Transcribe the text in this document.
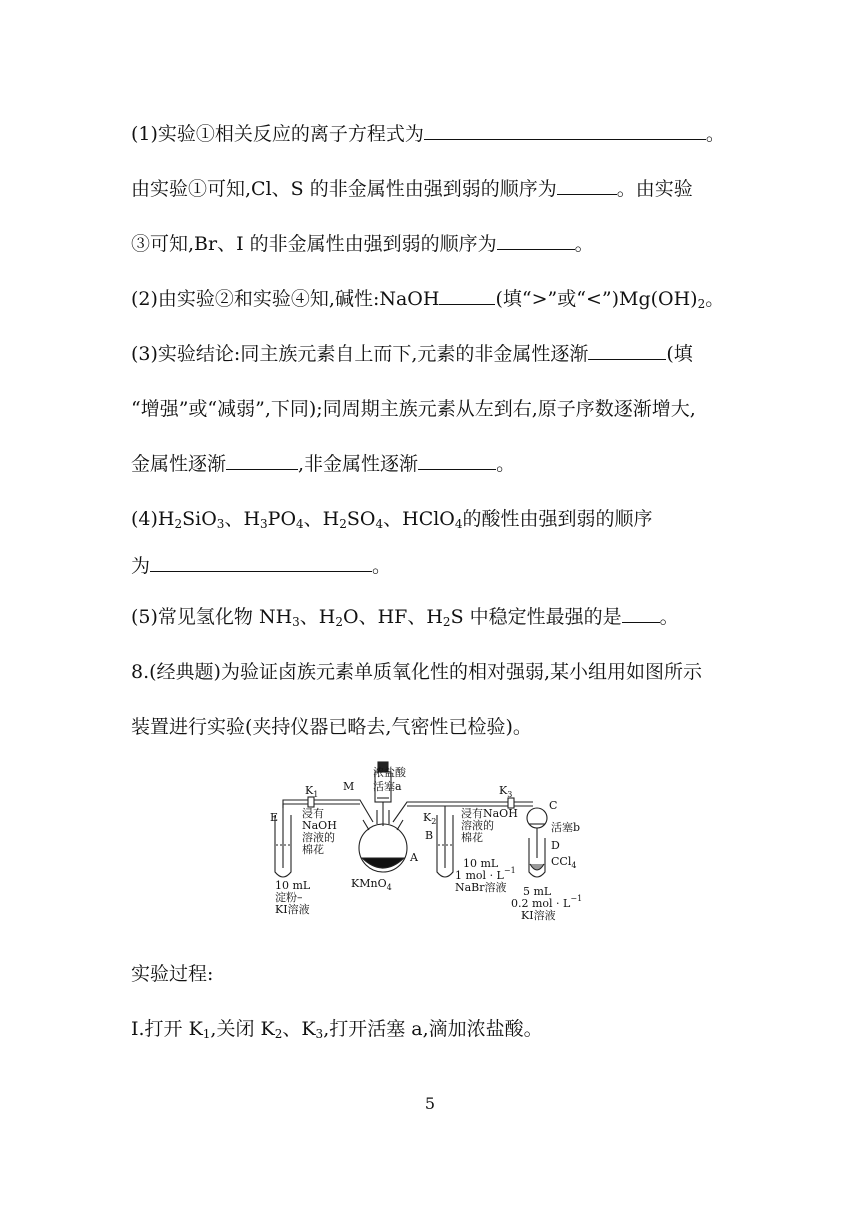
(1)实验①相关反应的离子方程式为	。
由实验①可知,Cl、S 的非金属性由强到弱的顺序为	。由实验
③可知,Br、I 的非金属性由强到弱的顺序为	。
(2)由实验②和实验④知,碱性:NaOH	(填“>”或“$<”)Mg(OH)_2$。
(3)实验结论:同主族元素自上而下,元素的非金属性逐渐	(填
“增强”或“减弱”,下同);同周期主族元素从左到右,原子序数逐渐增大,
金属性逐渐	,非金属性逐渐	。
$(4)H_2SiO_3$、$H_3PO_4$、$H_2SO_4$、HClO$_4$的酸性由强到弱的顺序
为	。
(5)常见氢化物 $NH_3$、$H_2O$、HF、$H_2S$ 中稳定性最强的是 。
8.(经典题)为验证卤族元素单质氧化性的相对强弱,某小组用如图所示
装置进行实验(夹持仪器已略去,气密性已检验)。
浓盐酸
M 活塞a
$K_1$
E 浸有
NaOH
溶液的
棉花
A
KMnO$_4$
10 mL
淀粉–
KI溶液
$K_2$
B
浸有NaOH
溶液的
棉花
10 mL
1 mol · $L^{-1}$
NaBr溶液
$K_3$
C
活塞b
D
CCl$_4$
5 mL
0.2 mol · $L^{-1}$
KI溶液
实验过程:
Ⅰ.打开 $K_1$,关闭 $K_2$、$K_3$,打开活塞 a,滴加浓盐酸。
5
